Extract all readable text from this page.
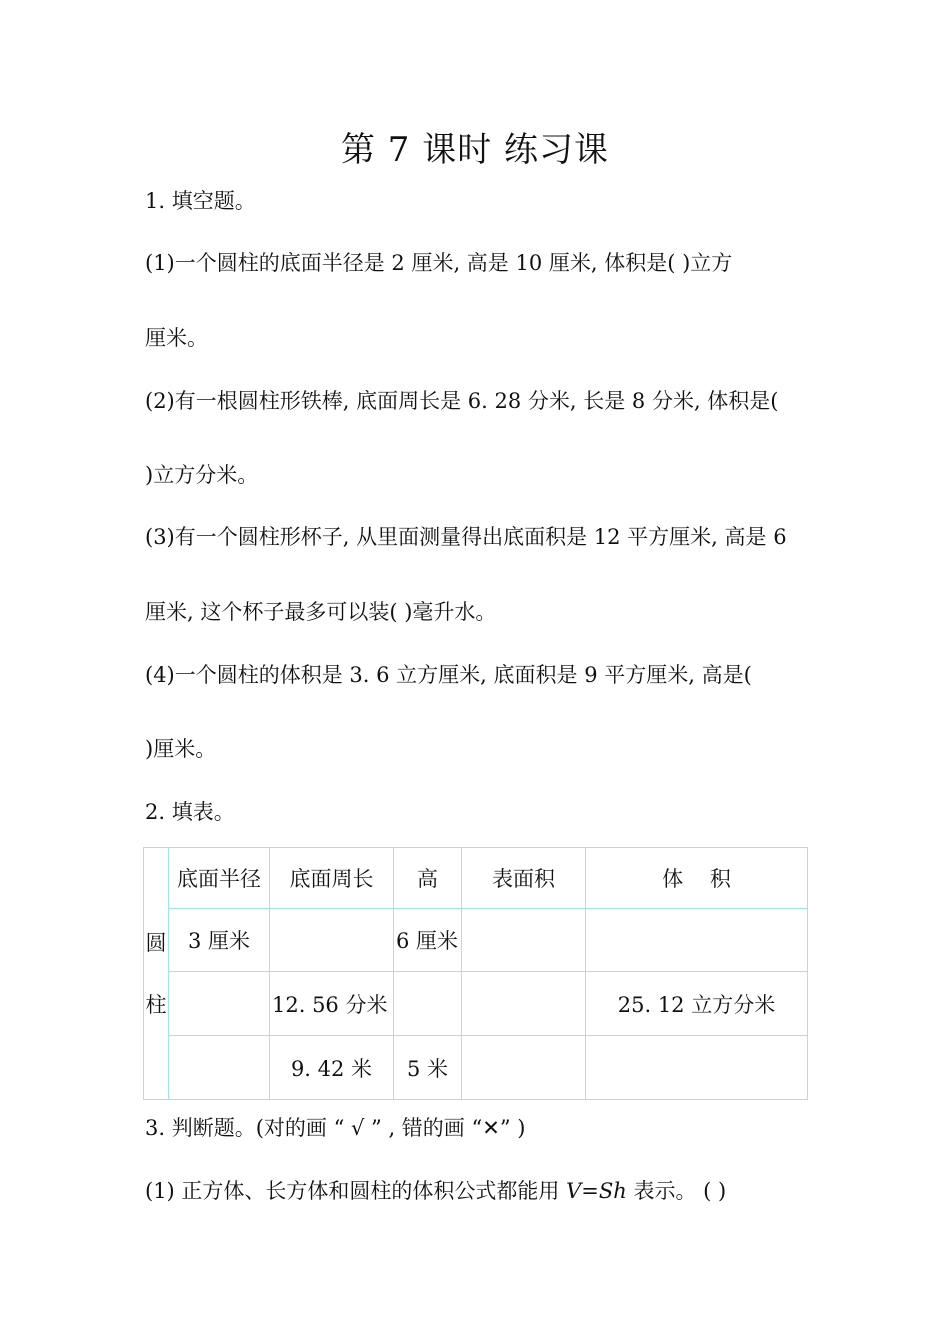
第 7 课时 练习课
1. 填空题。
(1)一个圆柱的底面半径是 2 厘米, 高是 10 厘米, 体积是( )立方
厘米。
(2)有一根圆柱形铁棒, 底面周长是 6. 28 分米, 长是 8 分米, 体积是(
)立方分米。
(3)有一个圆柱形杯子, 从里面测量得出底面积是 12 平方厘米, 高是 6
厘米, 这个杯子最多可以装( )毫升水。
(4)一个圆柱的体积是 3. 6 立方厘米, 底面积是 9 平方厘米, 高是(
)厘米。
2. 填表。
圆
柱	底面半径	底面周长	高	表面积	体    积
	3 厘米		6 厘米		
		12. 56 分米			25. 12 立方分米
		9. 42 米	5 米		
3. 判断题。(对的画 “ √ ” , 错的画 “✕” )
(1) 正方体、长方体和圆柱的体积公式都能用 V=Sh 表示。 ( )
